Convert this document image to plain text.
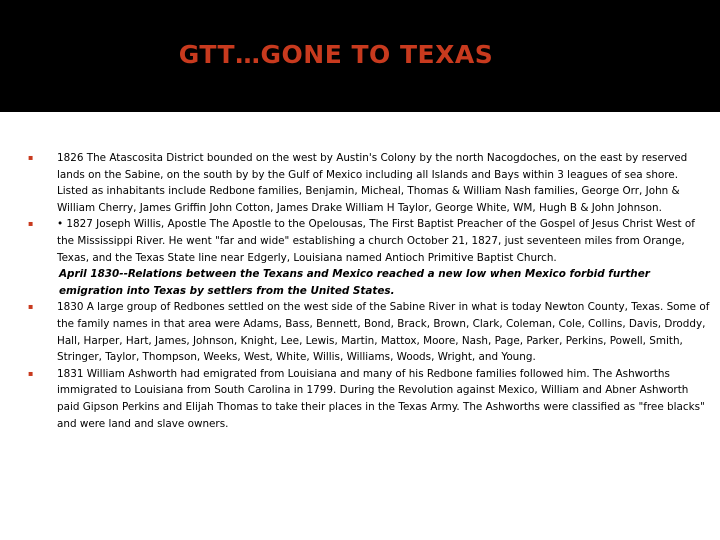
GTT…GONE TO TEXAS
▪ 1826 The Atascosita District bounded on the west by Austin's Colony by the north Nacogdoches, on the east by reserved lands on the Sabine, on the south by by the Gulf of Mexico including all Islands and Bays within 3 leagues of sea shore. Listed as inhabitants include Redbone families, Benjamin, Micheal, Thomas & William Nash families, George Orr, John & William Cherry, James Griffin John Cotton, James Drake William H Taylor, George White, WM, Hugh B & John Johnson.
▪ • 1827 Joseph Willis, Apostle The Apostle to the Opelousas, The First Baptist Preacher of the Gospel of Jesus Christ West of the Mississippi River. He went "far and wide" establishing a church October 21, 1827, just seventeen miles from Orange, Texas, and the Texas State line near Edgerly, Louisiana named Antioch Primitive Baptist Church.
April 1830--Relations between the Texans and Mexico reached a new low when Mexico forbid further emigration into Texas by settlers from the United States.
▪ 1830 A large group of Redbones settled on the west side of the Sabine River in what is today Newton County, Texas. Some of the family names in that area were Adams, Bass, Bennett, Bond, Brack, Brown, Clark, Coleman, Cole, Collins, Davis, Droddy, Hall, Harper, Hart, James, Johnson, Knight, Lee, Lewis, Martin, Mattox, Moore, Nash, Page, Parker, Perkins, Powell, Smith, Stringer, Taylor, Thompson, Weeks, West, White, Willis, Williams, Woods, Wright, and Young.
▪ 1831 William Ashworth had emigrated from Louisiana and many of his Redbone families followed him. The Ashworths immigrated to Louisiana from South Carolina in 1799. During the Revolution against Mexico, William and Abner Ashworth paid Gipson Perkins and Elijah Thomas to take their places in the Texas Army. The Ashworths were classified as "free blacks" and were land and slave owners.
